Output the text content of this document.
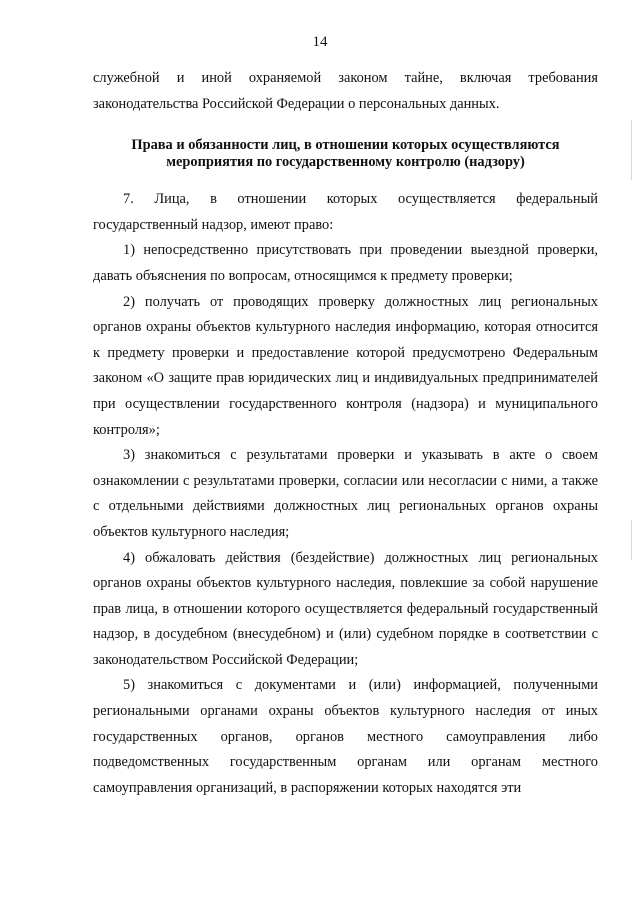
14

служебной и иной охраняемой законом тайне, включая требования законодательства Российской Федерации о персональных данных.

Права и обязанности лиц, в отношении которых осуществляются
мероприятия по государственному контролю (надзору)

7. Лица, в отношении которых осуществляется федеральный государственный надзор, имеют право:

1) непосредственно присутствовать при проведении выездной проверки, давать объяснения по вопросам, относящимся к предмету проверки;

2) получать от проводящих проверку должностных лиц региональных органов охраны объектов культурного наследия информацию, которая относится к предмету проверки и предоставление которой предусмотрено Федеральным законом «О защите прав юридических лиц и индивидуальных предпринимателей при осуществлении государственного контроля (надзора) и муниципального контроля»;

3) знакомиться с результатами проверки и указывать в акте о своем ознакомлении с результатами проверки, согласии или несогласии с ними, а также с отдельными действиями должностных лиц региональных органов охраны объектов культурного наследия;

4) обжаловать действия (бездействие) должностных лиц региональных органов охраны объектов культурного наследия, повлекшие за собой нарушение прав лица, в отношении которого осуществляется федеральный государственный надзор, в досудебном (внесудебном) и (или) судебном порядке в соответствии с законодательством Российской Федерации;

5) знакомиться с документами и (или) информацией, полученными региональными органами охраны объектов культурного наследия от иных государственных органов, органов местного самоуправления либо подведомственных государственным органам или органам местного самоуправления организаций, в распоряжении которых находятся эти
